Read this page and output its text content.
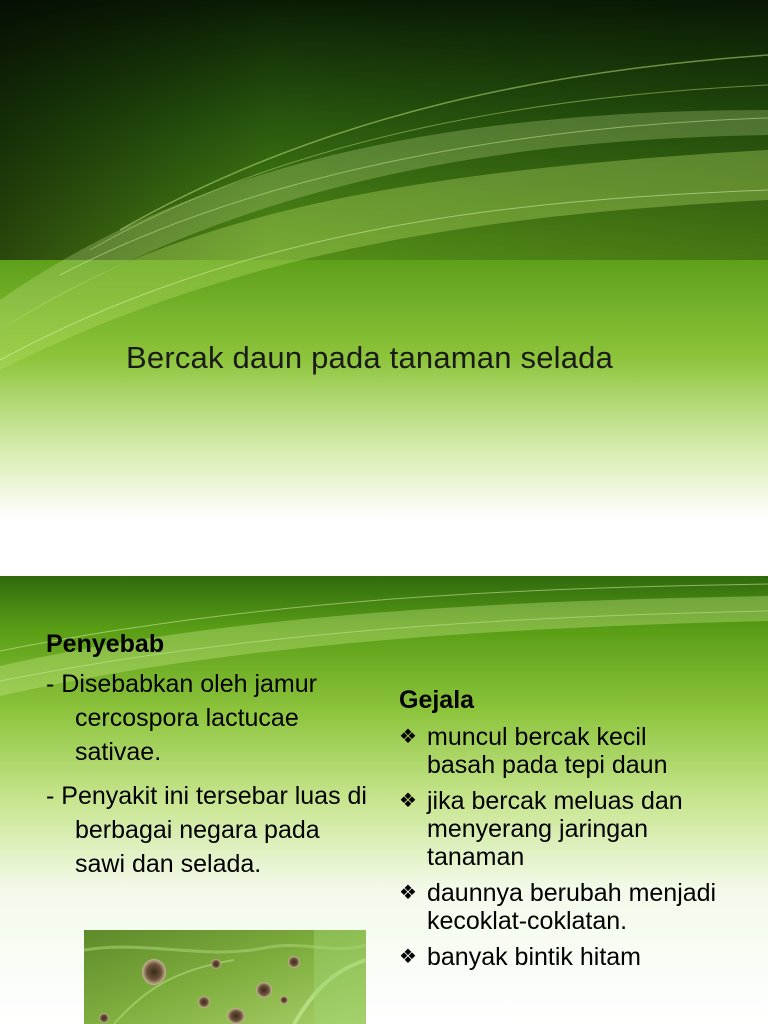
Bercak daun pada tanaman selada
Penyebab
- Disebabkan oleh jamur cercospora lactucae sativae.
- Penyakit ini tersebar luas di berbagai negara pada sawi dan selada.
Gejala
❖ muncul bercak kecil basah pada tepi daun
❖ jika bercak meluas dan menyerang jaringan tanaman
❖ daunnya berubah menjadi kecoklat-coklatan.
❖ banyak bintik hitam
